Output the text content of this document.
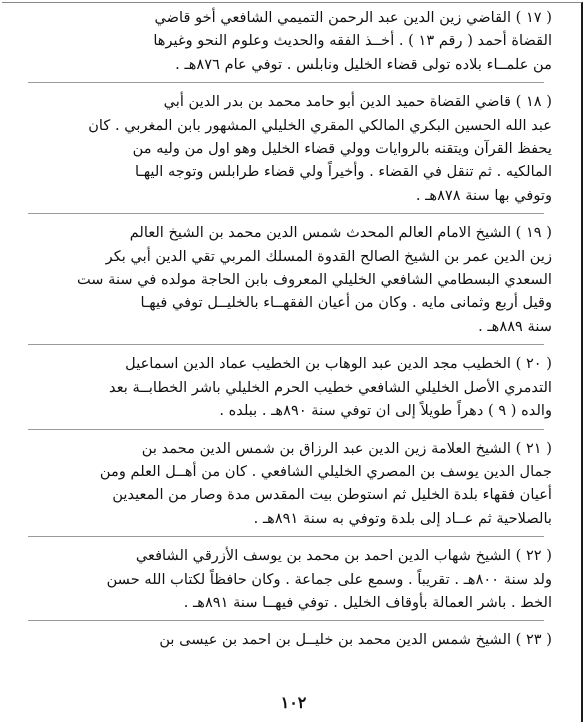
( ١٧ ) القاضي زين الدين عبد الرحمن التميمي الشافعي أخو قاضي
القضاة أحمد ( رقم ١٣ ) . أخــذ الفقه والحديث وعلوم النحو وغيرها
من علمــاء بلاده تولى قضاء الخليل ونابلس . توفي عام ٨٧٦هـ .
( ١٨ ) قاضي القضاة حميد الدين أبو حامد محمد بن بدر الدين أبي
عبد الله الحسين البكري المالكي المقري الخليلي المشهور بابن المغربي . كان
يحفظ القرآن ويتقنه بالروايات وولي قضاء الخليل وهو اول من وليه من
المالكيه . ثم تنقل في القضاء . وأخيراً ولي قضاء طرابلس وتوجه اليهـا
وتوفي بها سنة ٨٧٨هـ .
( ١٩ ) الشيخ الامام العالم المحدث شمس الدين محمد بن الشيخ العالم
زين الدين عمر بن الشيخ الصالح القدوة المسلك المربي تقي الدين أبي بكر
السعدي البسطامي الشافعي الخليلي المعروف بابن الحاجة مولده في سنة ست
وقيل أربع وثمانى مايه . وكان من أعيان الفقهــاء بالخليــل توفي فيهـا
سنة ٨٨٩هـ .
( ٢٠ ) الخطيب مجد الدين عبد الوهاب بن الخطيب عماد الدين اسماعيل
التدمري الأصل الخليلي الشافعي خطيب الحرم الخليلي باشر الخطابــة بعد
والده ( ٩ ) دهراً طويلاً إلى ان توفي سنة ٨٩٠هـ . ببلده .
( ٢١ ) الشيخ العلامة زين الدين عبد الرزاق بن شمس الدين محمد بن
جمال الدين يوسف بن المصري الخليلي الشافعي . كان من أهــل العلم ومن
أعيان فقهاء بلدة الخليل ثم استوطن بيت المقدس مدة وصار من المعيدين
بالصلاحية ثم عــاد إلى بلدة وتوفي به سنة ٨٩١هـ .
( ٢٢ ) الشيخ شهاب الدين احمد بن محمد بن يوسف الأزرقي الشافعي
ولد سنة ٨٠٠هـ . تقريباً . وسمع على جماعة . وكان حافظاً لكتاب الله حسن
الخط . باشر العمالة بأوقاف الخليل . توفي فيهــا سنة ٨٩١هـ .
( ٢٣ ) الشيخ شمس الدين محمد بن خليــل بن احمد بن عيسى بن
١٠٢
